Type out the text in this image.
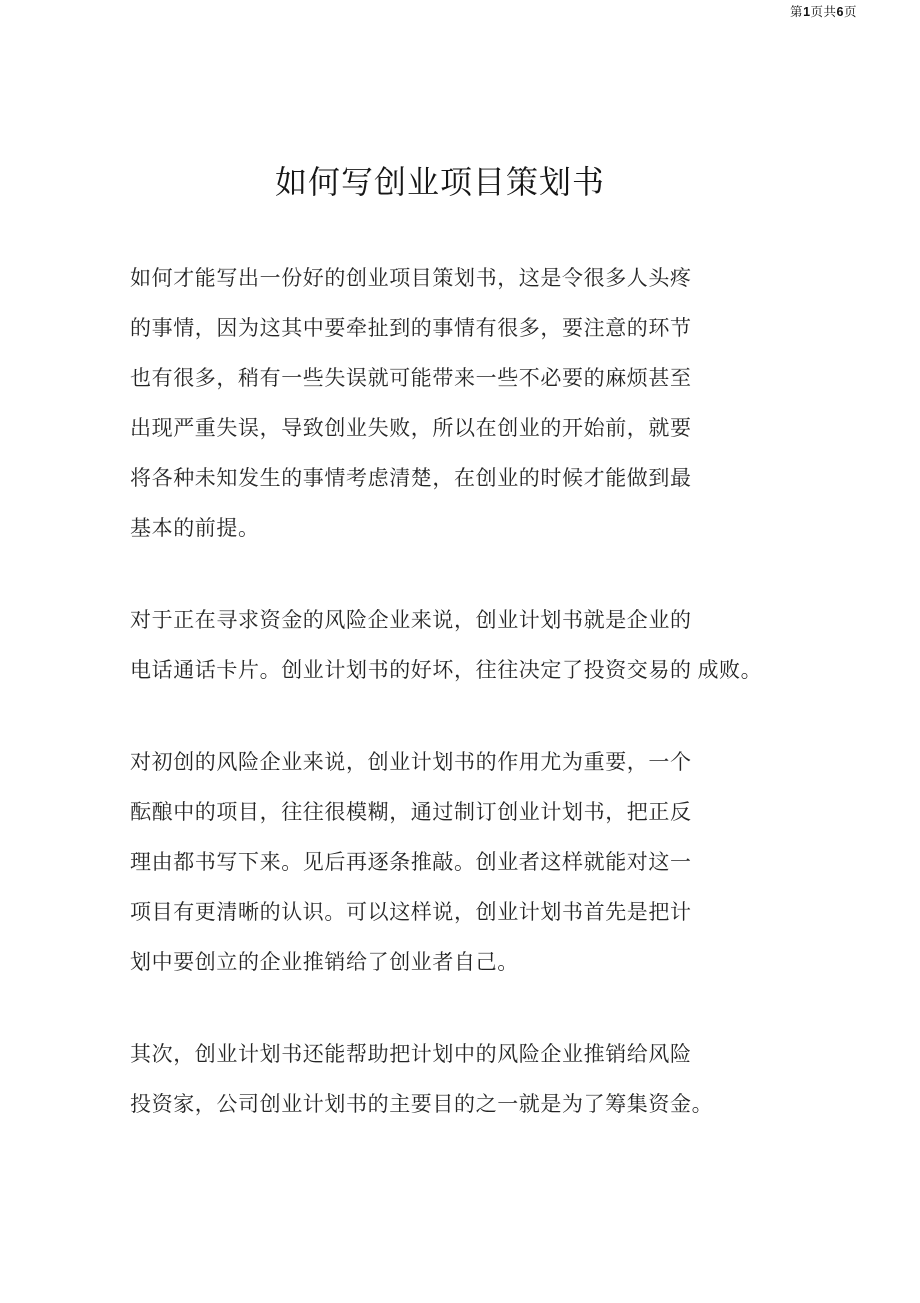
第1页共6页
如何写创业项目策划书
如何才能写出一份好的创业项目策划书，这是令很多人头疼
的事情，因为这其中要牵扯到的事情有很多，要注意的环节
也有很多，稍有一些失误就可能带来一些不必要的麻烦甚至
出现严重失误，导致创业失败，所以在创业的开始前，就要
将各种未知发生的事情考虑清楚，在创业的时候才能做到最
基本的前提。
对于正在寻求资金的风险企业来说，创业计划书就是企业的
电话通话卡片。创业计划书的好坏，往往决定了投资交易的 成败。
对初创的风险企业来说，创业计划书的作用尤为重要，一个
酝酿中的项目，往往很模糊，通过制订创业计划书，把正反
理由都书写下来。见后再逐条推敲。创业者这样就能对这一
项目有更清晰的认识。可以这样说，创业计划书首先是把计
划中要创立的企业推销给了创业者自己。
其次，创业计划书还能帮助把计划中的风险企业推销给风险
投资家，公司创业计划书的主要目的之一就是为了筹集资金。
